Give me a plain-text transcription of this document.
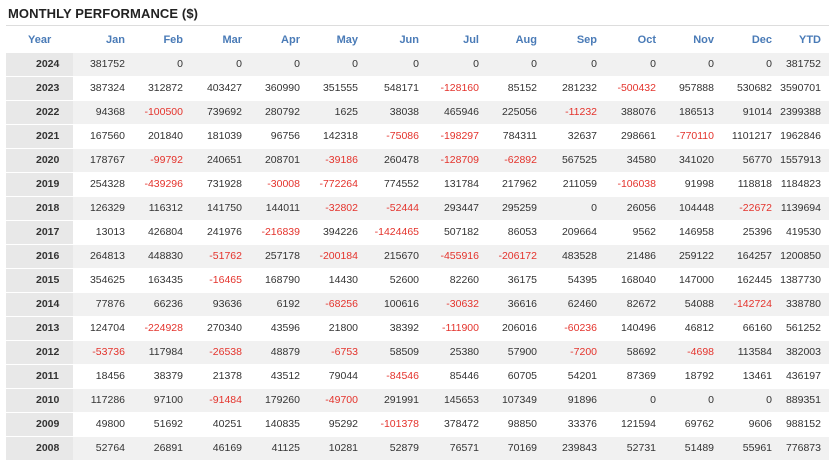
MONTHLY PERFORMANCE ($)
Year	Jan	Feb	Mar	Apr	May	Jun	Jul	Aug	Sep	Oct	Nov	Dec	YTD
2024	381752	0	0	0	0	0	0	0	0	0	0	0	381752
2023	387324	312872	403427	360990	351555	548171	-128160	85152	281232	-500432	957888	530682	3590701
2022	94368	-100500	739692	280792	1625	38038	465946	225056	-11232	388076	186513	91014	2399388
2021	167560	201840	181039	96756	142318	-75086	-198297	784311	32637	298661	-770110	1101217	1962846
2020	178767	-99792	240651	208701	-39186	260478	-128709	-62892	567525	34580	341020	56770	1557913
2019	254328	-439296	731928	-30008	-772264	774552	131784	217962	211059	-106038	91998	118818	1184823
2018	126329	116312	141750	144011	-32802	-52444	293447	295259	0	26056	104448	-22672	1139694
2017	13013	426804	241976	-216839	394226	-1424465	507182	86053	209664	9562	146958	25396	419530
2016	264813	448830	-51762	257178	-200184	215670	-455916	-206172	483528	21486	259122	164257	1200850
2015	354625	163435	-16465	168790	14430	52600	82260	36175	54395	168040	147000	162445	1387730
2014	77876	66236	93636	6192	-68256	100616	-30632	36616	62460	82672	54088	-142724	338780
2013	124704	-224928	270340	43596	21800	38392	-111900	206016	-60236	140496	46812	66160	561252
2012	-53736	117984	-26538	48879	-6753	58509	25380	57900	-7200	58692	-4698	113584	382003
2011	18456	38379	21378	43512	79044	-84546	85446	60705	54201	87369	18792	13461	436197
2010	117286	97100	-91484	179260	-49700	291991	145653	107349	91896	0	0	0	889351
2009	49800	51692	40251	140835	95292	-101378	378472	98850	33376	121594	69762	9606	988152
2008	52764	26891	46169	41125	10281	52879	76571	70169	239843	52731	51489	55961	776873
